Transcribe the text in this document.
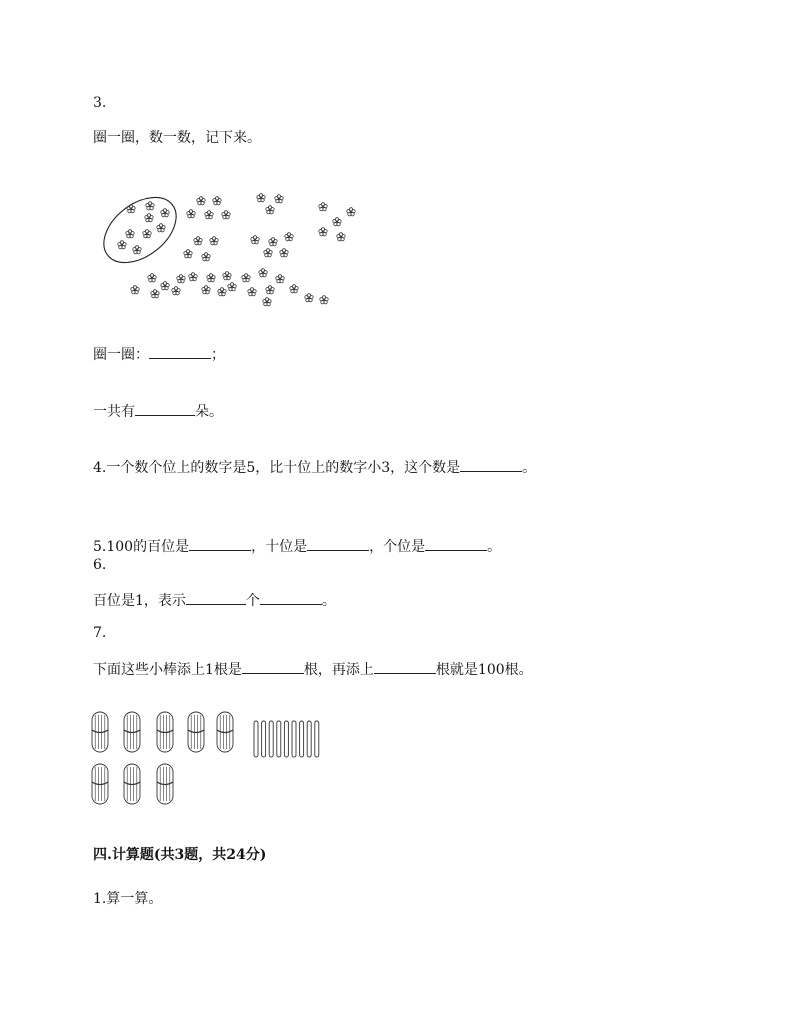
3.
圈一圈，数一数，记下来。
圈一圈：	；
一共有	朵。
4.一个数个位上的数字是5，比十位上的数字小3，这个数是	。
5.100的百位是	，十位是	，个位是	。
6.
百位是1，表示	个	。
7.
下面这些小棒添上1根是	根，再添上	根就是100根。
四.计算题(共3题，共24分)
1.算一算。
